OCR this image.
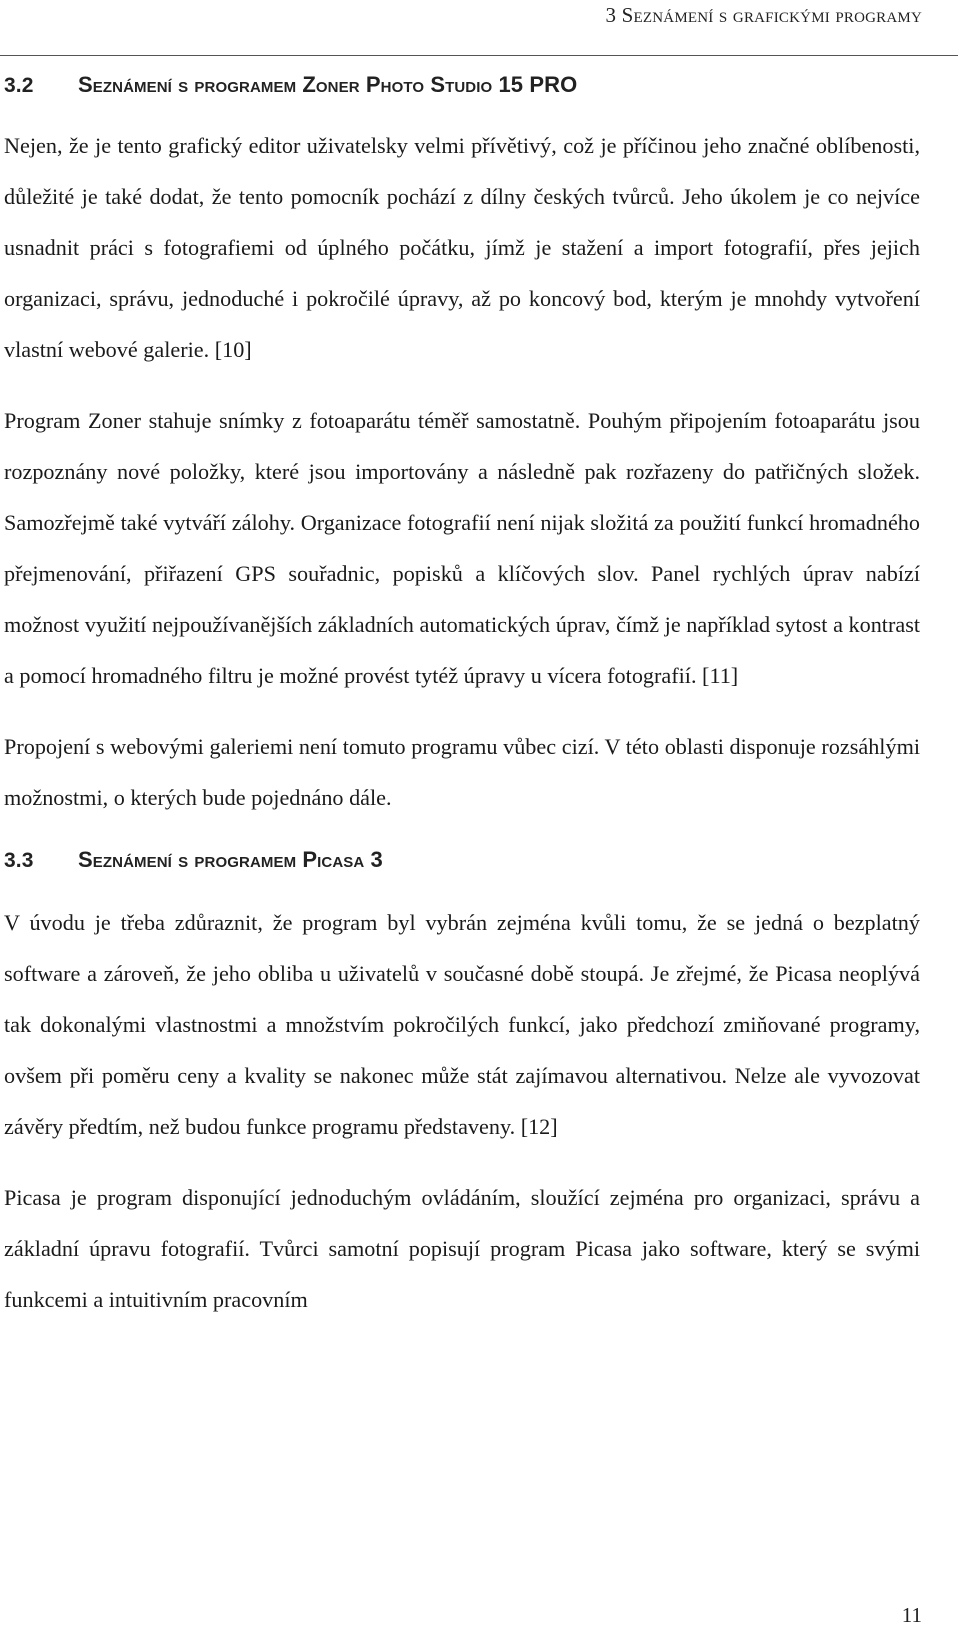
3 Seznámení s grafickými programy
3.2	Seznámení s programem Zoner Photo Studio 15 PRO

Nejen, že je tento grafický editor uživatelsky velmi přívětivý, což je příčinou jeho značné oblíbenosti, důležité je také dodat, že tento pomocník pochází z dílny českých tvůrců. Jeho úkolem je co nejvíce usnadnit práci s fotografiemi od úplného počátku, jímž je stažení a import fotografií, přes jejich organizaci, správu, jednoduché i pokročilé úpravy, až po koncový bod, kterým je mnohdy vytvoření vlastní webové galerie. [10]

Program Zoner stahuje snímky z fotoaparátu téměř samostatně. Pouhým připojením fotoaparátu jsou rozpoznány nové položky, které jsou importovány a následně pak rozřazeny do patřičných složek. Samozřejmě také vytváří zálohy. Organizace fotografií není nijak složitá za použití funkcí hromadného přejmenování, přiřazení GPS souřadnic, popisků a klíčových slov. Panel rychlých úprav nabízí možnost využití nejpoužívanějších základních automatických úprav, čímž je například sytost a kontrast a pomocí hromadného filtru je možné provést tytéž úpravy u vícera fotografií. [11]

Propojení s webovými galeriemi není tomuto programu vůbec cizí. V této oblasti disponuje rozsáhlými možnostmi, o kterých bude pojednáno dále.

3.3	Seznámení s programem Picasa 3

V úvodu je třeba zdůraznit, že program byl vybrán zejména kvůli tomu, že se jedná o bezplatný software a zároveň, že jeho obliba u uživatelů v současné době stoupá. Je zřejmé, že Picasa neoplývá tak dokonalými vlastnostmi a množstvím pokročilých funkcí, jako předchozí zmiňované programy, ovšem při poměru ceny a kvality se nakonec může stát zajímavou alternativou. Nelze ale vyvozovat závěry předtím, než budou funkce programu představeny. [12]

Picasa je program disponující jednoduchým ovládáním, sloužící zejména pro organizaci, správu a základní úpravu fotografií. Tvůrci samotní popisují program Picasa jako software, který se svými funkcemi a intuitivním pracovním

11
